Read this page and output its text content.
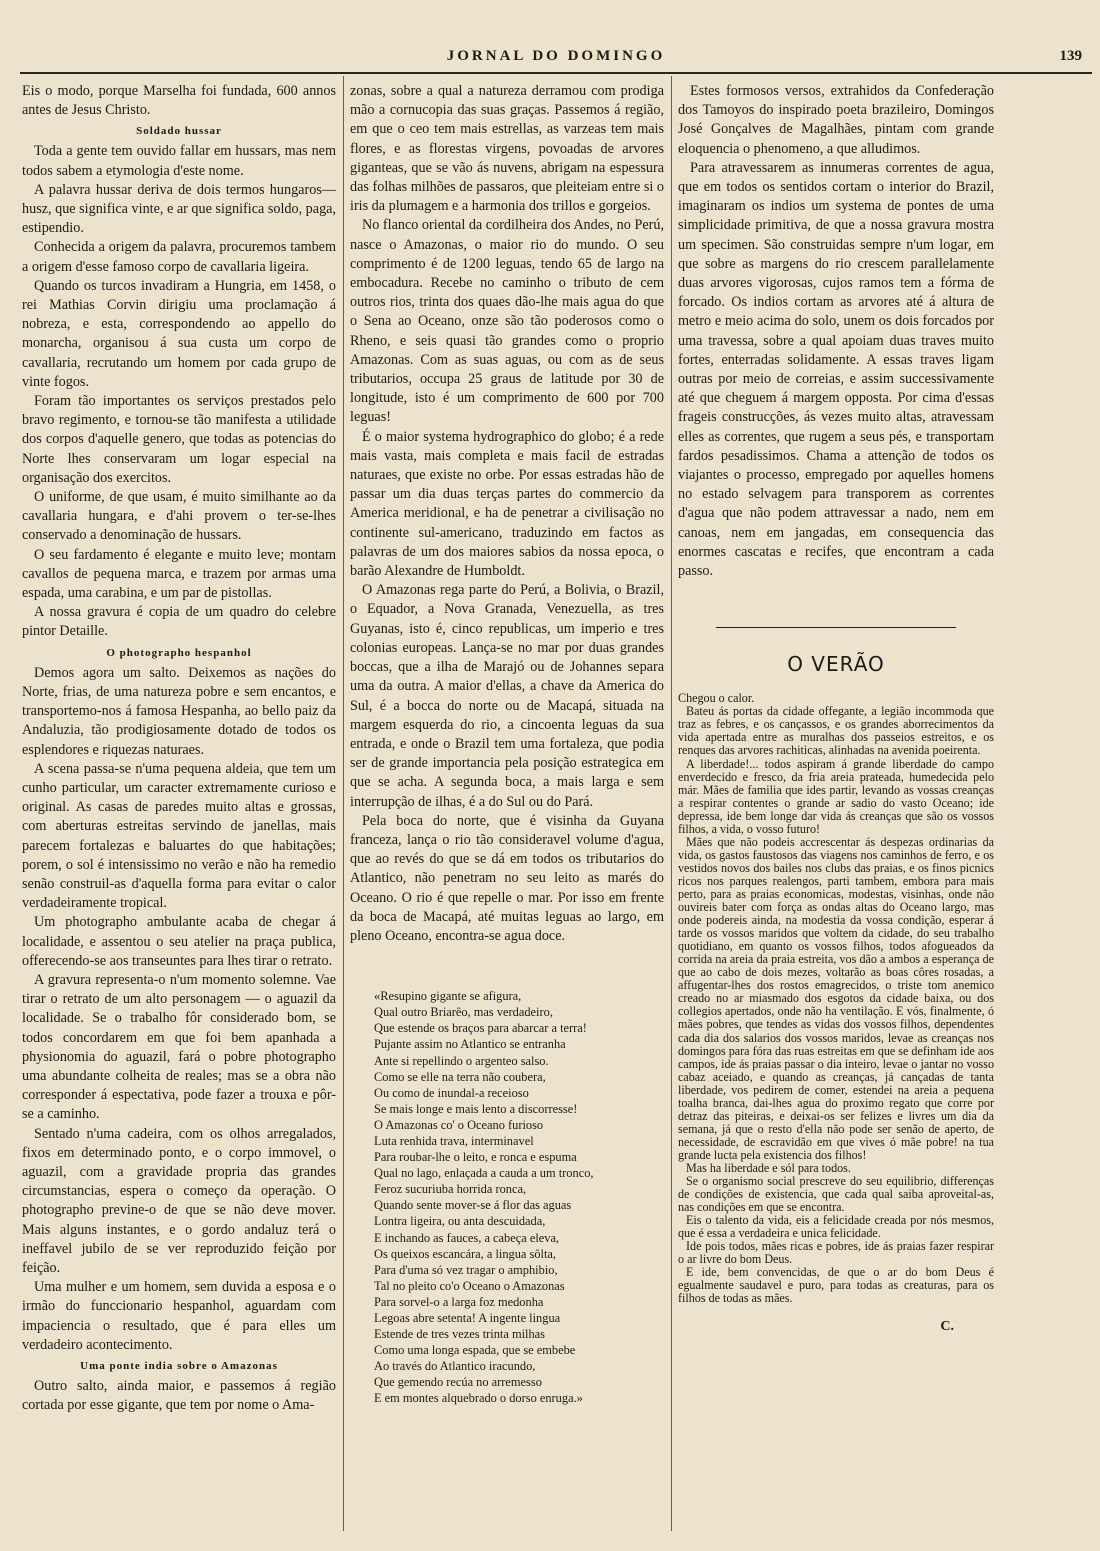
JORNAL DO DOMINGO	139

Eis o modo, porque Marselha foi fundada, 600 annos antes de Jesus Christo.

Soldado hussar

Toda a gente tem ouvido fallar em hussars, mas nem todos sabem a etymologia d'este nome.

A palavra hussar deriva de dois termos hungaros— husz, que significa vinte, e ar que significa soldo, paga, estipendio.

Conhecida a origem da palavra, procuremos tambem a origem d'esse famoso corpo de cavallaria ligeira.

Quando os turcos invadiram a Hungria, em 1458, o rei Mathias Corvin dirigiu uma proclamação á nobreza, e esta, correspondendo ao appello do monarcha, organisou á sua custa um corpo de cavallaria, recrutando um homem por cada grupo de vinte fogos.

Foram tão importantes os serviços prestados pelo bravo regimento, e tornou-se tão manifesta a utilidade dos corpos d'aquelle genero, que todas as potencias do Norte lhes conservaram um logar especial na organisação dos exercitos.

O uniforme, de que usam, é muito similhante ao da cavallaria hungara, e d'ahi provem o ter-se-lhes conservado a denominação de hussars.

O seu fardamento é elegante e muito leve; montam cavallos de pequena marca, e trazem por armas uma espada, uma carabina, e um par de pistollas.

A nossa gravura é copia de um quadro do celebre pintor Detaille.

O photographo hespanhol

Demos agora um salto. Deixemos as nações do Norte, frias, de uma natureza pobre e sem encantos, e transportemo-nos á famosa Hespanha, ao bello paiz da Andaluzia, tão prodigiosamente dotado de todos os esplendores e riquezas naturaes.

A scena passa-se n'uma pequena aldeia, que tem um cunho particular, um caracter extremamente curioso e original. As casas de paredes muito altas e grossas, com aberturas estreitas servindo de janellas, mais parecem fortalezas e baluartes do que habitações; porem, o sol é intensissimo no verão e não ha remedio senão construil-as d'aquella forma para evitar o calor verdadeiramente tropical.

Um photographo ambulante acaba de chegar á localidade, e assentou o seu atelier na praça publica, offerecendo-se aos transeuntes para lhes tirar o retrato.

A gravura representa-o n'um momento solemne. Vae tirar o retrato de um alto personagem — o aguazil da localidade. Se o trabalho fôr considerado bom, se todos concordarem em que foi bem apanhada a physionomia do aguazil, fará o pobre photographo uma abundante colheita de reales; mas se a obra não corresponder á espectativa, pode fazer a trouxa e pôr-se a caminho.

Sentado n'uma cadeira, com os olhos arregalados, fixos em determinado ponto, e o corpo immovel, o aguazil, com a gravidade propria das grandes circumstancias, espera o começo da operação. O photographo previne-o de que se não deve mover. Mais alguns instantes, e o gordo andaluz terá o ineffavel jubilo de se ver reproduzido feição por feição.

Uma mulher e um homem, sem duvida a esposa e o irmão do funccionario hespanhol, aguardam com impaciencia o resultado, que é para elles um verdadeiro acontecimento.

Uma ponte india sobre o Amazonas

Outro salto, ainda maior, e passemos á região cortada por esse gigante, que tem por nome o Ama-

zonas, sobre a qual a natureza derramou com prodiga mão a cornucopia das suas graças. Passemos á região, em que o ceo tem mais estrellas, as varzeas tem mais flores, e as florestas virgens, povoadas de arvores giganteas, que se vão ás nuvens, abrigam na espessura das folhas milhões de passaros, que pleiteiam entre si o iris da plumagem e a harmonia dos trillos e gorgeios.

No flanco oriental da cordilheira dos Andes, no Perú, nasce o Amazonas, o maior rio do mundo. O seu comprimento é de 1200 leguas, tendo 65 de largo na embocadura. Recebe no caminho o tributo de cem outros rios, trinta dos quaes dão-lhe mais agua do que o Sena ao Oceano, onze são tão poderosos como o Rheno, e seis quasi tão grandes como o proprio Amazonas. Com as suas aguas, ou com as de seus tributarios, occupa 25 graus de latitude por 30 de longitude, isto é um comprimento de 600 por 700 leguas!

É o maior systema hydrographico do globo; é a rede mais vasta, mais completa e mais facil de estradas naturaes, que existe no orbe. Por essas estradas hão de passar um dia duas terças partes do commercio da America meridional, e ha de penetrar a civilisação no continente sul-americano, traduzindo em factos as palavras de um dos maiores sabios da nossa epoca, o barão Alexandre de Humboldt.

O Amazonas rega parte do Perú, a Bolivia, o Brazil, o Equador, a Nova Granada, Venezuella, as tres Guyanas, isto é, cinco republicas, um imperio e tres colonias europeas. Lança-se no mar por duas grandes boccas, que a ilha de Marajó ou de Johannes separa uma da outra. A maior d'ellas, a chave da America do Sul, é a bocca do norte ou de Macapá, situada na margem esquerda do rio, a cincoenta leguas da sua entrada, e onde o Brazil tem uma fortaleza, que podia ser de grande importancia pela posição estrategica em que se acha. A segunda boca, a mais larga e sem interrupção de ilhas, é a do Sul ou do Pará.

Pela boca do norte, que é visinha da Guyana franceza, lança o rio tão consideravel volume d'agua, que ao revés do que se dá em todos os tributarios do Atlantico, não penetram no seu leito as marés do Oceano. O rio é que repelle o mar. Por isso em frente da boca de Macapá, até muitas leguas ao largo, em pleno Oceano, encontra-se agua doce.

«Resupino gigante se afigura,
Qual outro Briarêo, mas verdadeiro,
Que estende os braços para abarcar a terra!
Pujante assim no Atlantico se entranha
Ante si repellindo o argenteo salso.
Como se elle na terra não coubera,
Ou como de inundal-a receioso
Se mais longe e mais lento a discorresse!
O Amazonas co' o Oceano furioso
Luta renhida trava, interminavel
Para roubar-lhe o leito, e ronca e espuma
Qual no lago, enlaçada a cauda a um tronco,
Feroz sucuriuba horrida ronca,
Quando sente mover-se á flor das aguas
Lontra ligeira, ou anta descuidada,
E inchando as fauces, a cabeça eleva,
Os queixos escancára, a lingua sôlta,
Para d'uma só vez tragar o amphibio,
Tal no pleito co'o Oceano o Amazonas
Para sorvel-o a larga foz medonha
Legoas abre setenta! A ingente lingua
Estende de tres vezes trinta milhas
Como uma longa espada, que se embebe
Ao través do Atlantico iracundo,
Que gemendo recúa no arremesso
E em montes alquebrado o dorso enruga.»

Estes formosos versos, extrahidos da Confederação dos Tamoyos do inspirado poeta brazileiro, Domingos José Gonçalves de Magalhães, pintam com grande eloquencia o phenomeno, a que alludimos.

Para atravessarem as innumeras correntes de agua, que em todos os sentidos cortam o interior do Brazil, imaginaram os indios um systema de pontes de uma simplicidade primitiva, de que a nossa gravura mostra um specimen. São construidas sempre n'um logar, em que sobre as margens do rio crescem parallelamente duas arvores vigorosas, cujos ramos tem a fórma de forcado. Os indios cortam as arvores até á altura de metro e meio acima do solo, unem os dois forcados por uma travessa, sobre a qual apoiam duas traves muito fortes, enterradas solidamente. A essas traves ligam outras por meio de correias, e assim successivamente até que cheguem á margem opposta. Por cima d'essas frageis construcções, ás vezes muito altas, atravessam elles as correntes, que rugem a seus pés, e transportam fardos pesadissimos. Chama a attenção de todos os viajantes o processo, empregado por aquelles homens no estado selvagem para transporem as correntes d'agua que não podem attravessar a nado, nem em canoas, nem em jangadas, em consequencia das enormes cascatas e recifes, que encontram a cada passo.

O VERÃO

Chegou o calor.

Bateu ás portas da cidade offegante, a legião incommoda que traz as febres, e os cançassos, e os grandes aborrecimentos da vida apertada entre as muralhas dos passeios estreitos, e os renques das arvores rachiticas, alinhadas na avenida poeirenta.

A liberdade!... todos aspiram á grande liberdade do campo enverdecido e fresco, da fria areia prateada, humedecida pelo már. Mães de familia que ides partir, levando as vossas creanças a respirar contentes o grande ar sadio do vasto Oceano; ide depressa, ide bem longe dar vida ás creanças que são os vossos filhos, a vida, o vosso futuro!

Mães que não podeis accrescentar ás despezas ordinarias da vida, os gastos faustosos das viagens nos caminhos de ferro, e os vestidos novos dos bailes nos clubs das praias, e os finos picnics ricos nos parques realengos, parti tambem, embora para mais perto, para as praias economicas, modestas, visinhas, onde não ouvireis bater com força as ondas altas do Oceano largo, mas onde podereis ainda, na modestia da vossa condição, esperar á tarde os vossos maridos que voltem da cidade, do seu trabalho quotidiano, em quanto os vossos filhos, todos afogueados da corrida na areia da praia estreita, vos dão a ambos a esperança de que ao cabo de dois mezes, voltarão as boas côres rosadas, a affugentar-lhes dos rostos emagrecidos, o triste tom anemico creado no ar miasmado dos esgotos da cidade baixa, ou dos collegios apertados, onde não ha ventilação. E vós, finalmente, ó mães pobres, que tendes as vidas dos vossos filhos, dependentes cada dia dos salarios dos vossos maridos, levae as creanças nos domingos para fóra das ruas estreitas em que se definham ide aos campos, ide ás praias passar o dia inteiro, levae o jantar no vosso cabaz aceiado, e quando as creanças, já cançadas de tanta liberdade, vos pedirem de comer, estendei na areia a pequena toalha branca, dai-lhes agua do proximo regato que corre por detraz das piteiras, e deixai-os ser felizes e livres um dia da semana, já que o resto d'ella não pode ser senão de aperto, de necessidade, de escravidão em que vives ó mãe pobre! na tua grande lucta pela existencia dos filhos!

Mas ha liberdade e sól para todos.

Se o organismo social prescreve do seu equilibrio, differenças de condições de existencia, que cada qual saiba aproveital-as, nas condições em que se encontra.

Eis o talento da vida, eis a felicidade creada por nós mesmos, que é essa a verdadeira e unica felicidade.

Ide pois todos, mães ricas e pobres, ide ás praias fazer respirar o ar livre do bom Deus.

E ide, bem convencidas, de que o ar do bom Deus é egualmente saudavel e puro, para todas as creaturas, para os filhos de todas as mães.

C.
